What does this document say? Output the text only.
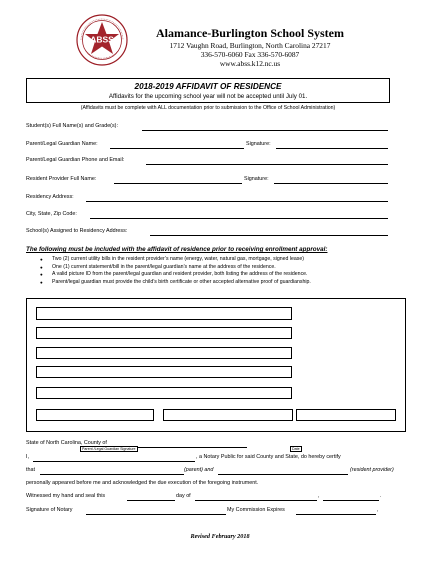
ABSS	Alamance-Burlington School System
1712 Vaughn Road, Burlington, North Carolina 27217
336-570-6060 Fax 336-570-6087
www.abss.k12.nc.us
2018-2019 AFFIDAVIT OF RESIDENCE
Affidavits for the upcoming school year will not be accepted until July 01.
(Affidavits must be complete with ALL documentation prior to submission to the Office of School Administration)
Student(s) Full Name(s) and Grade(s):
Parent/Legal Guardian Name:	Signature:
Parent/Legal Guardian Phone and Email:
Resident Provider Full Name:	Signature:
Residency Address:
City, State, Zip Code:
School(s) Assigned to Residency Address:
The following must be included with the affidavit of residence prior to receiving enrollment approval:
● Two (2) current utility bills in the resident provider’s name (energy, water, natural gas, mortgage, signed lease)
● One (1) current statement/bill in the parent/legal guardian’s name at the address of the residence.
● A valid picture ID from the parent/legal guardian and resident provider, both listing the address of the residence.
● Parent/legal guardian must provide the child’s birth certificate or other accepted alternative proof of guardianship.
State of North Carolina, County of
Parent /Legal Guardian Signature	Date
I,	, a Notary Public for said County and State, do hereby certify
that	(parent) and	(resident provider)
personally appeared before me and acknowledged the due execution of the foregoing instrument.
Witnessed my hand and seal this	day of	,	.
Signature of Notary	My Commission Expires	,
Revised February 2018
